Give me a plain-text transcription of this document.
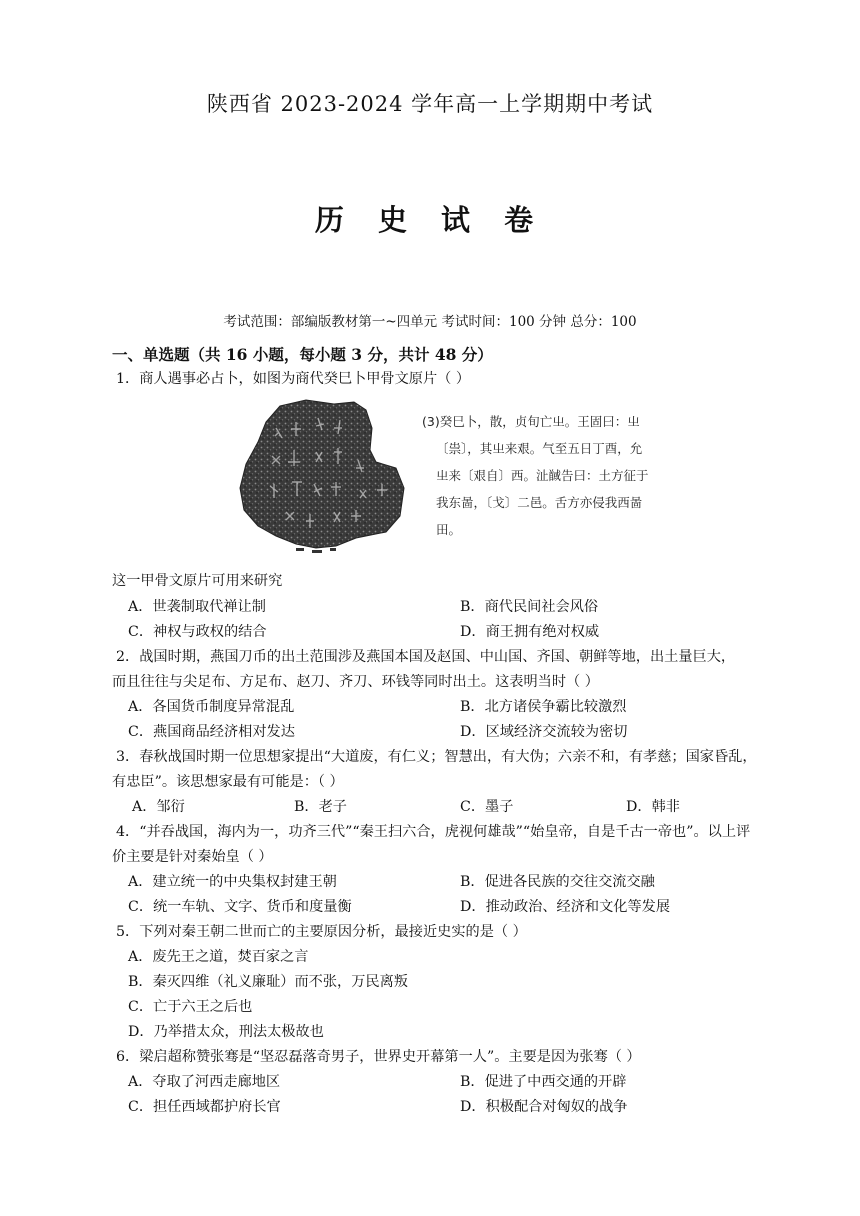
陕西省 2023-2024 学年高一上学期期中考试
历 史 试 卷
考试范围：部编版教材第一~四单元 考试时间：100 分钟 总分：100
一、单选题（共 16 小题，每小题 3 分，共计 48 分）
1．商人遇事必占卜，如图为商代癸巳卜甲骨文原片（ ）
(3)癸巳卜，散，贞旬亡㞢。王固曰：㞢
〔祟〕，其㞢来艰。气至五日丁酉，允
㞢来〔艰自〕西。沚馘告曰：土方征于
我东啚，〔戈〕二邑。舌方亦侵我西啚
田。
这一甲骨文原片可用来研究
A．世袭制取代禅让制	B．商代民间社会风俗
C．神权与政权的结合	D．商王拥有绝对权威
2．战国时期，燕国刀币的出土范围涉及燕国本国及赵国、中山国、齐国、朝鲜等地，出土量巨大，
而且往往与尖足布、方足布、赵刀、齐刀、环钱等同时出土。这表明当时（ ）
A．各国货币制度异常混乱	B．北方诸侯争霸比较激烈
C．燕国商品经济相对发达	D．区域经济交流较为密切
3．春秋战国时期一位思想家提出“大道废，有仁义；智慧出，有大伪；六亲不和，有孝慈；国家昏乱，
有忠臣”。该思想家最有可能是：（ ）
A．邹衍	B．老子	C．墨子	D．韩非
4．“并吞战国，海内为一，功齐三代”“秦王扫六合，虎视何雄哉”“始皇帝，自是千古一帝也”。以上评
价主要是针对秦始皇（ ）
A．建立统一的中央集权封建王朝	B．促进各民族的交往交流交融
C．统一车轨、文字、货币和度量衡	D．推动政治、经济和文化等发展
5．下列对秦王朝二世而亡的主要原因分析，最接近史实的是（ ）
A．废先王之道，焚百家之言
B．秦灭四维（礼义廉耻）而不张，万民离叛
C．亡于六王之后也
D．乃举措太众，刑法太极故也
6．梁启超称赞张骞是“坚忍磊落奇男子，世界史开幕第一人”。主要是因为张骞（ ）
A．夺取了河西走廊地区	B．促进了中西交通的开辟
C．担任西域都护府长官	D．积极配合对匈奴的战争
